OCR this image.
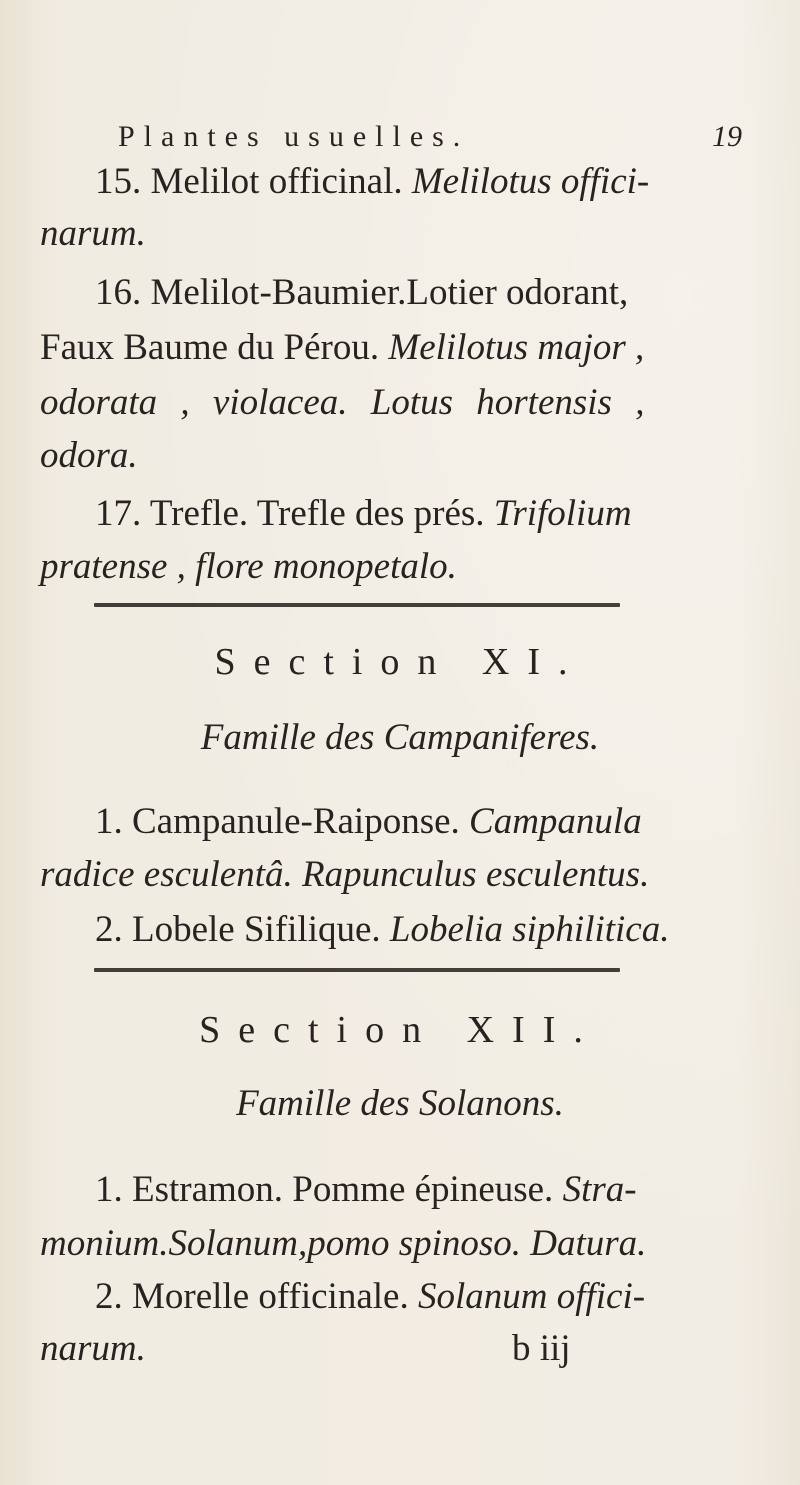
Plantes usuelles.	19
15. Melilot officinal. Melilotus offici-
narum.
16. Melilot-Baumier.Lotier odorant,
Faux Baume du Pérou. Melilotus major ,
odorata , violacea. Lotus hortensis ,
odora.
17. Trefle. Trefle des prés. Trifolium
pratense , flore monopetalo.
Section XI.
Famille des Campaniferes.
1. Campanule-Raiponse. Campanula
radice esculentâ. Rapunculus esculentus.
2. Lobele Sifilique. Lobelia siphilitica.
Section XII.
Famille des Solanons.
1. Estramon. Pomme épineuse. Stra-
monium.Solanum,pomo spinoso. Datura.
2. Morelle officinale. Solanum offici-
narum.	b iij
